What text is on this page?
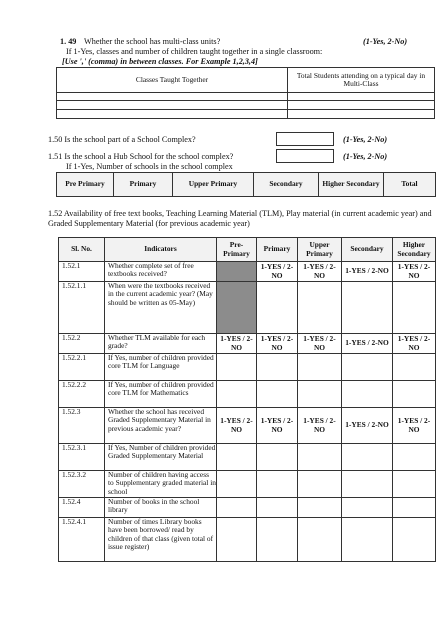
1. 49 Whether the school has multi-class units?	(1-Yes, 2-No)
If 1-Yes, classes and number of children taught together in a single classroom:
[Use ',' (comma) in between classes. For Example 1,2,3,4]
Classes Taught Together	Total Students attending on a typical day in Multi-Class

1.50 Is the school part of a School Complex?	(1-Yes, 2-No)
1.51 Is the school a Hub School for the school complex?	(1-Yes, 2-No)
If 1-Yes, Number of schools in the school complex
Pre Primary	Primary	Upper Primary	Secondary	Higher Secondary	Total
1.52 Availability of free text books, Teaching Learning Material (TLM), Play material (in current academic year) and Graded Supplementary Material (for previous academic year)
Sl. No.	Indicators	Pre-Primary	Primary	Upper Primary	Secondary	Higher Secondary
1.52.1	Whether complete set of free textbooks received?		1-YES / 2-NO	1-YES / 2-NO	1-YES / 2-NO	1-YES / 2-NO
1.52.1.1	When were the textbooks received in the current academic year? (May should be written as 05-May)					
1.52.2	Whether TLM available for each grade?	1-YES / 2-NO	1-YES / 2-NO	1-YES / 2-NO	1-YES / 2-NO	1-YES / 2-NO
1.52.2.1	If Yes, number of children provided core TLM for Language					
1.52.2.2	If Yes, number of children provided core TLM for Mathematics					
1.52.3	Whether the school has received Graded Supplementary Material in previous academic year?	1-YES / 2-NO	1-YES / 2-NO	1-YES / 2-NO	1-YES / 2-NO	1-YES / 2-NO
1.52.3.1	If Yes, Number of children provided Graded Supplementary Material					
1.52.3.2	Number of children having access to Supplementary graded material in school					
1.52.4	Number of books in the school library					
1.52.4.1	Number of times Library books have been borrowed/ read by children of that class (given total of issue register)					
